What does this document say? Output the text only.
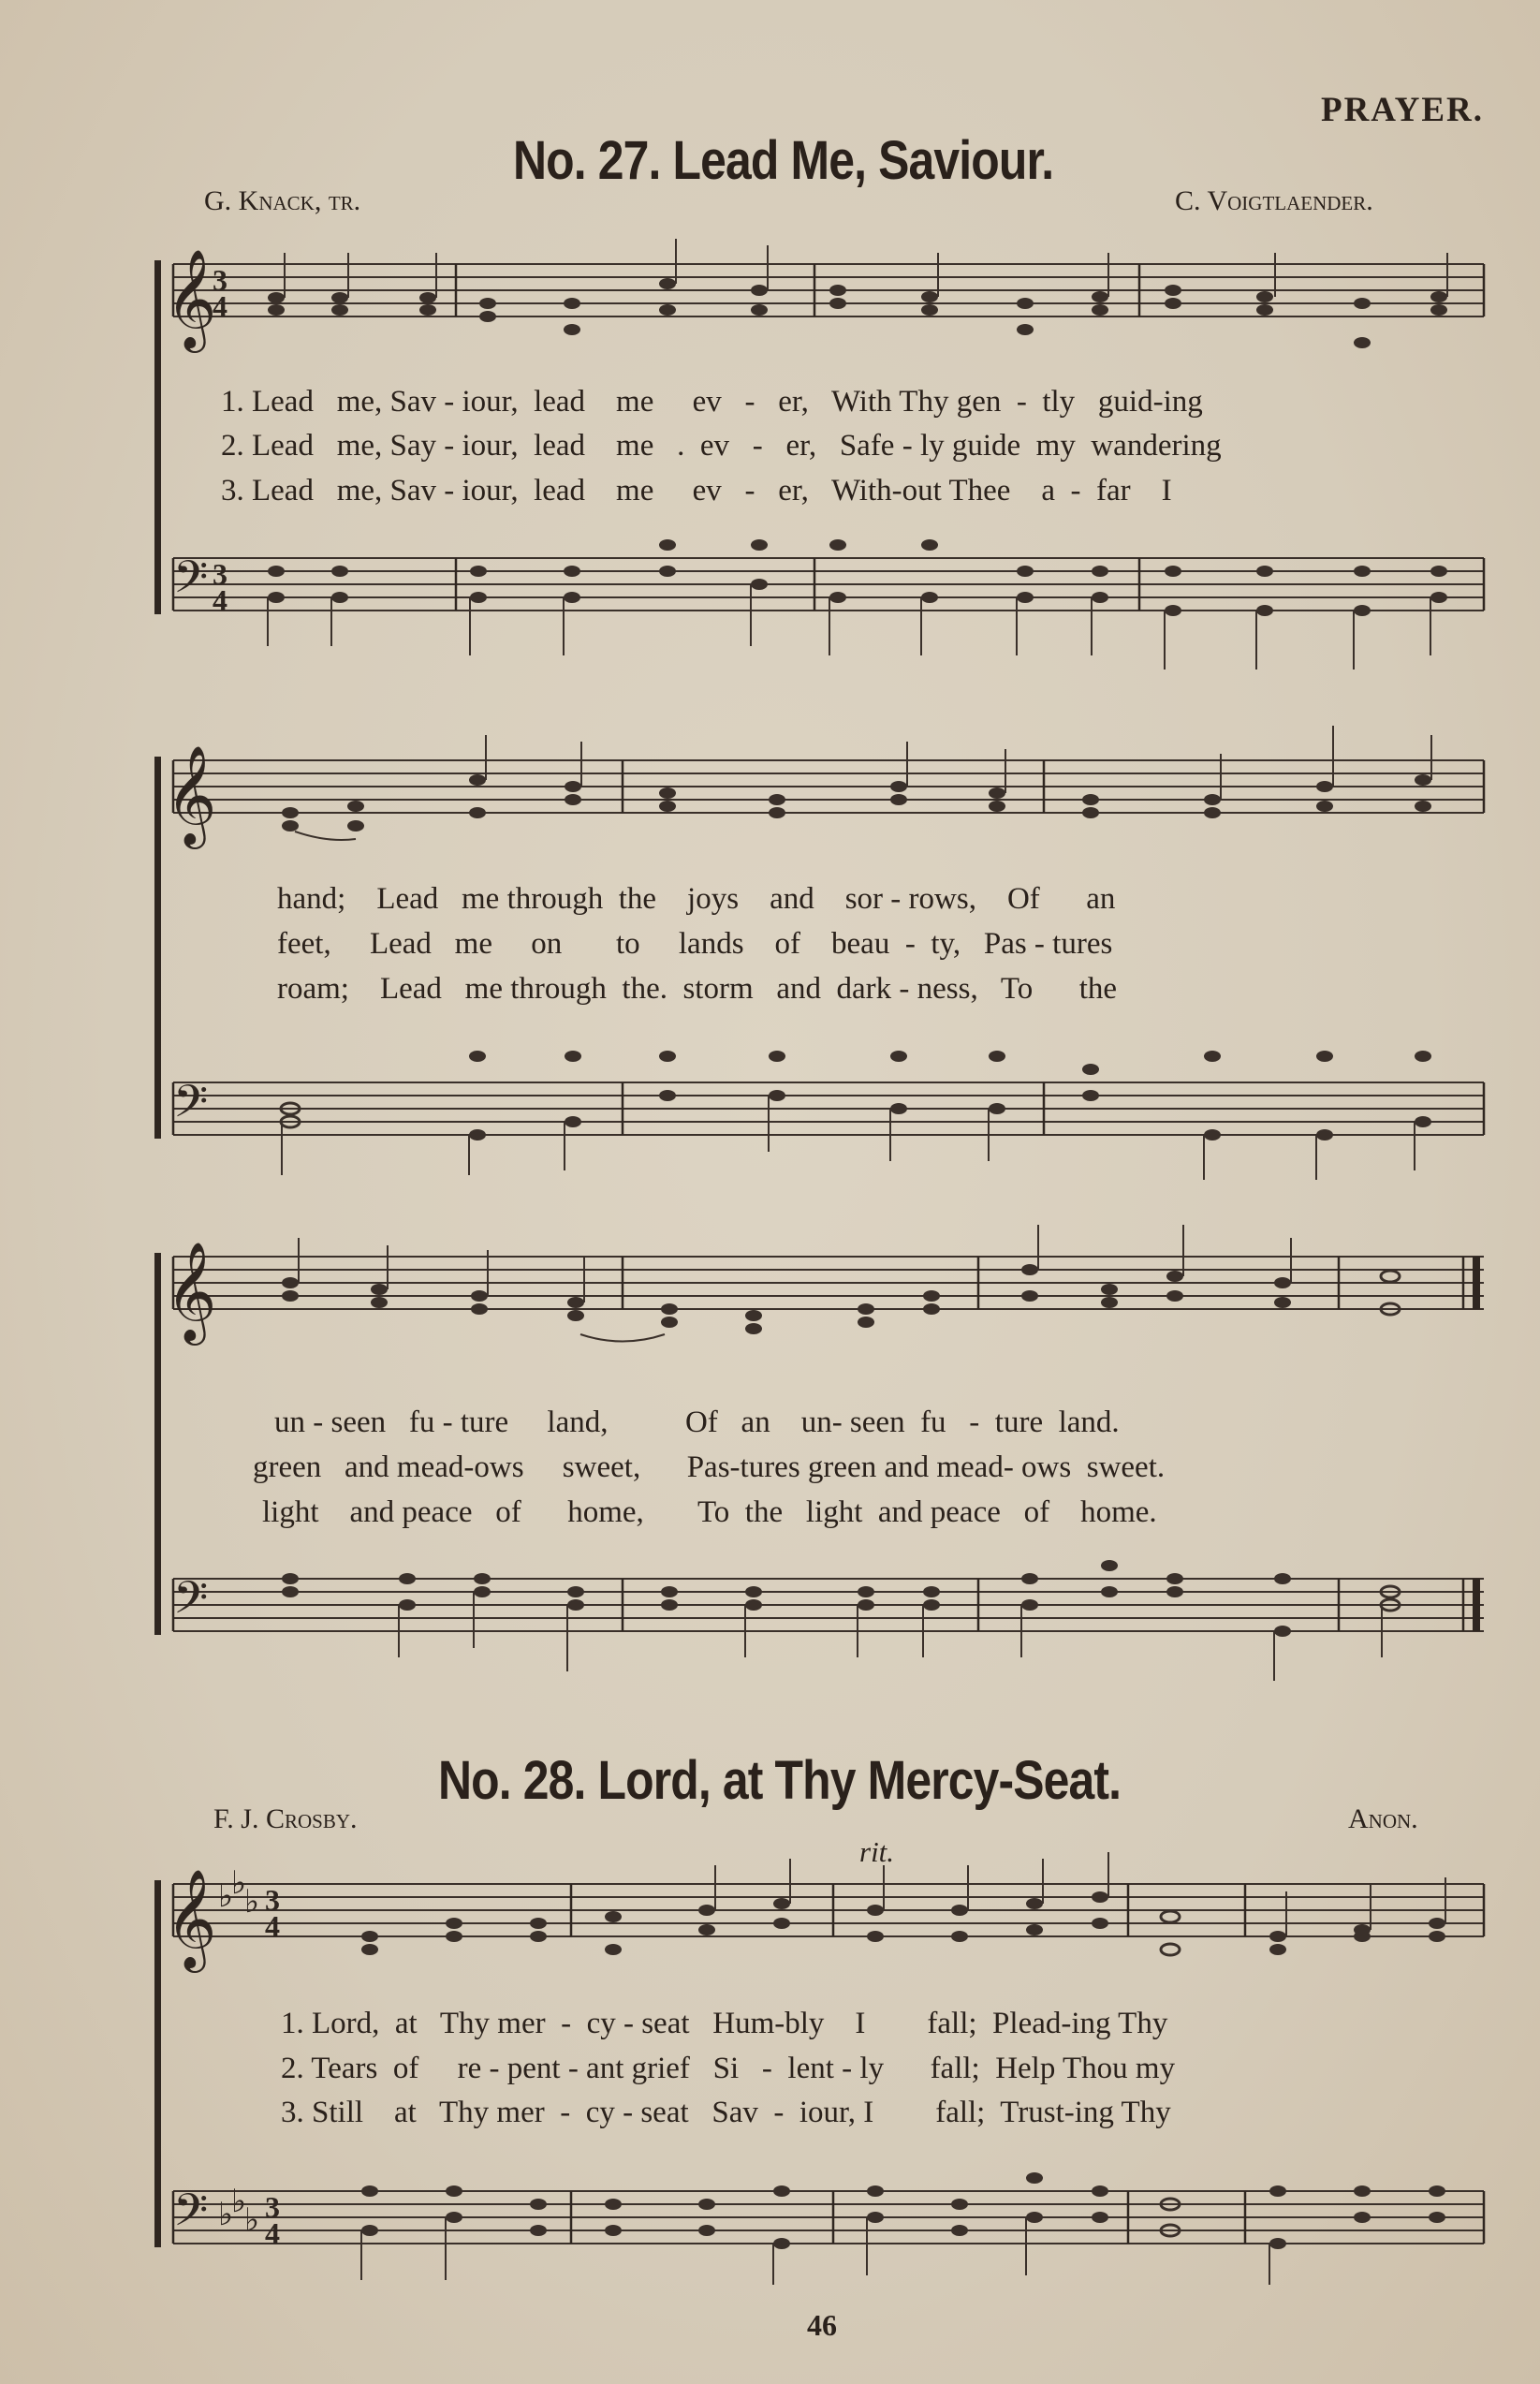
PRAYER.
No. 27. Lead Me, Saviour.
G. Knack, tr.	C. Voigtlaender.
𝄞
𝄢
3
4
3
4
1. Lead   me, Sav - iour,  lead    me     ev   -   er,   With Thy gen  -  tly   guid-ing
2. Lead   me, Say - iour,  lead    me   .  ev   -   er,   Safe - ly guide  my  wandering
3. Lead   me, Sav - iour,  lead    me     ev   -   er,   With-out Thee    a  -  far    I
𝄞
𝄢
hand;    Lead   me through  the    joys    and    sor - rows,    Of      an
feet,     Lead   me     on       to     lands    of    beau  -  ty,   Pas - tures
roam;    Lead   me through  the.  storm   and  dark - ness,   To      the
𝄞
𝄢
un - seen   fu - ture     land,          Of   an    un- seen  fu   -  ture  land.
green   and mead-ows     sweet,      Pas-tures green and mead- ows  sweet.
light    and peace   of      home,       To  the   light  and peace   of    home.
No. 28. Lord, at Thy Mercy-Seat.
F. J. Crosby.	Anon.
rit.
𝄞
𝄢
♭
♭
♭
♭
♭
♭
3
4
3
4
1. Lord,  at   Thy mer  -  cy - seat   Hum-bly    I        fall;  Plead-ing Thy
2. Tears  of     re - pent - ant grief   Si   -  lent - ly      fall;  Help Thou my
3. Still    at   Thy mer  -  cy - seat   Sav  -  iour, I        fall;  Trust-ing Thy
46
